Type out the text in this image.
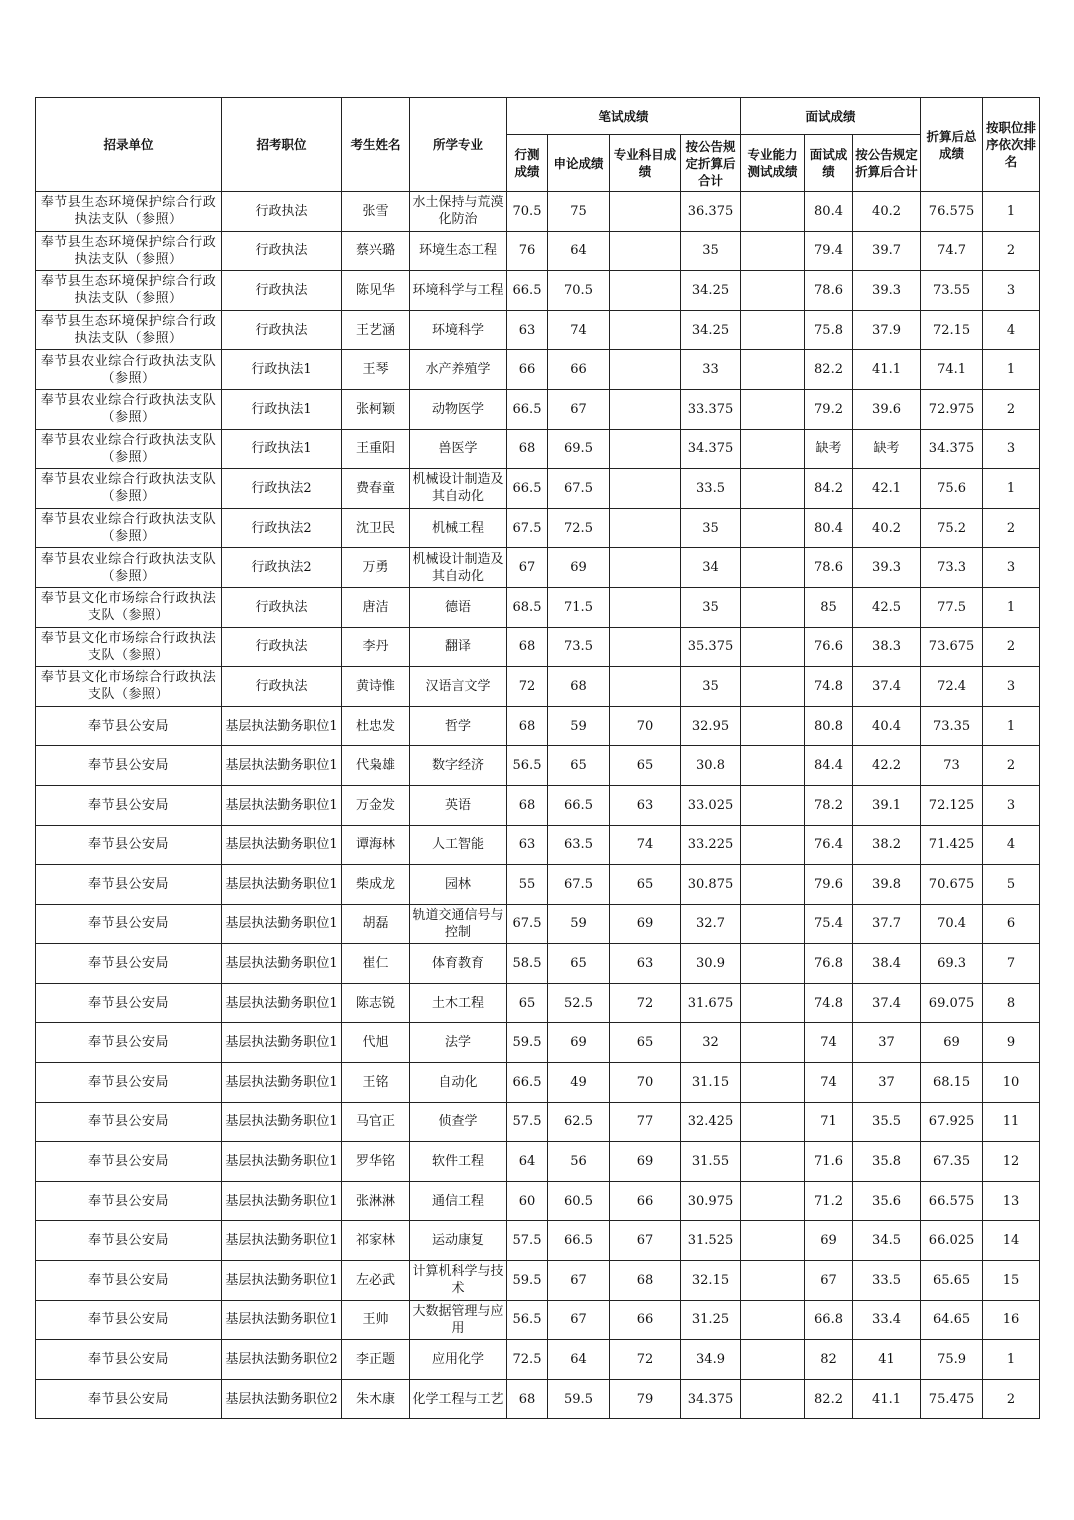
招录单位	招考职位	考生姓名	所学专业	笔试成绩				面试成绩			折算后总成绩	按职位排序依次排名
				行测成绩	申论成绩	专业科目成绩	按公告规定折算后合计	专业能力测试成绩	面试成绩	按公告规定折算后合计		
奉节县生态环境保护综合行政执法支队（参照）	行政执法	张雪	水土保持与荒漠化防治	70.5	75		36.375		80.4	40.2	76.575	1
奉节县生态环境保护综合行政执法支队（参照）	行政执法	蔡兴璐	环境生态工程	76	64		35		79.4	39.7	74.7	2
奉节县生态环境保护综合行政执法支队（参照）	行政执法	陈见华	环境科学与工程	66.5	70.5		34.25		78.6	39.3	73.55	3
奉节县生态环境保护综合行政执法支队（参照）	行政执法	王艺涵	环境科学	63	74		34.25		75.8	37.9	72.15	4
奉节县农业综合行政执法支队（参照）	行政执法1	王琴	水产养殖学	66	66		33		82.2	41.1	74.1	1
奉节县农业综合行政执法支队（参照）	行政执法1	张柯颖	动物医学	66.5	67		33.375		79.2	39.6	72.975	2
奉节县农业综合行政执法支队（参照）	行政执法1	王重阳	兽医学	68	69.5		34.375		缺考	缺考	34.375	3
奉节县农业综合行政执法支队（参照）	行政执法2	费春童	机械设计制造及其自动化	66.5	67.5		33.5		84.2	42.1	75.6	1
奉节县农业综合行政执法支队（参照）	行政执法2	沈卫民	机械工程	67.5	72.5		35		80.4	40.2	75.2	2
奉节县农业综合行政执法支队（参照）	行政执法2	万勇	机械设计制造及其自动化	67	69		34		78.6	39.3	73.3	3
奉节县文化市场综合行政执法支队（参照）	行政执法	唐洁	德语	68.5	71.5		35		85	42.5	77.5	1
奉节县文化市场综合行政执法支队（参照）	行政执法	李丹	翻译	68	73.5		35.375		76.6	38.3	73.675	2
奉节县文化市场综合行政执法支队（参照）	行政执法	黄诗惟	汉语言文学	72	68		35		74.8	37.4	72.4	3
奉节县公安局	基层执法勤务职位1	杜忠发	哲学	68	59	70	32.95		80.8	40.4	73.35	1
奉节县公安局	基层执法勤务职位1	代枭雄	数字经济	56.5	65	65	30.8		84.4	42.2	73	2
奉节县公安局	基层执法勤务职位1	万金发	英语	68	66.5	63	33.025		78.2	39.1	72.125	3
奉节县公安局	基层执法勤务职位1	谭海林	人工智能	63	63.5	74	33.225		76.4	38.2	71.425	4
奉节县公安局	基层执法勤务职位1	柴成龙	园林	55	67.5	65	30.875		79.6	39.8	70.675	5
奉节县公安局	基层执法勤务职位1	胡磊	轨道交通信号与控制	67.5	59	69	32.7		75.4	37.7	70.4	6
奉节县公安局	基层执法勤务职位1	崔仁	体育教育	58.5	65	63	30.9		76.8	38.4	69.3	7
奉节县公安局	基层执法勤务职位1	陈志锐	土木工程	65	52.5	72	31.675		74.8	37.4	69.075	8
奉节县公安局	基层执法勤务职位1	代旭	法学	59.5	69	65	32		74	37	69	9
奉节县公安局	基层执法勤务职位1	王铭	自动化	66.5	49	70	31.15		74	37	68.15	10
奉节县公安局	基层执法勤务职位1	马官正	侦查学	57.5	62.5	77	32.425		71	35.5	67.925	11
奉节县公安局	基层执法勤务职位1	罗华铭	软件工程	64	56	69	31.55		71.6	35.8	67.35	12
奉节县公安局	基层执法勤务职位1	张淋淋	通信工程	60	60.5	66	30.975		71.2	35.6	66.575	13
奉节县公安局	基层执法勤务职位1	祁家林	运动康复	57.5	66.5	67	31.525		69	34.5	66.025	14
奉节县公安局	基层执法勤务职位1	左必武	计算机科学与技术	59.5	67	68	32.15		67	33.5	65.65	15
奉节县公安局	基层执法勤务职位1	王帅	大数据管理与应用	56.5	67	66	31.25		66.8	33.4	64.65	16
奉节县公安局	基层执法勤务职位2	李正题	应用化学	72.5	64	72	34.9		82	41	75.9	1
奉节县公安局	基层执法勤务职位2	朱木康	化学工程与工艺	68	59.5	79	34.375		82.2	41.1	75.475	2
